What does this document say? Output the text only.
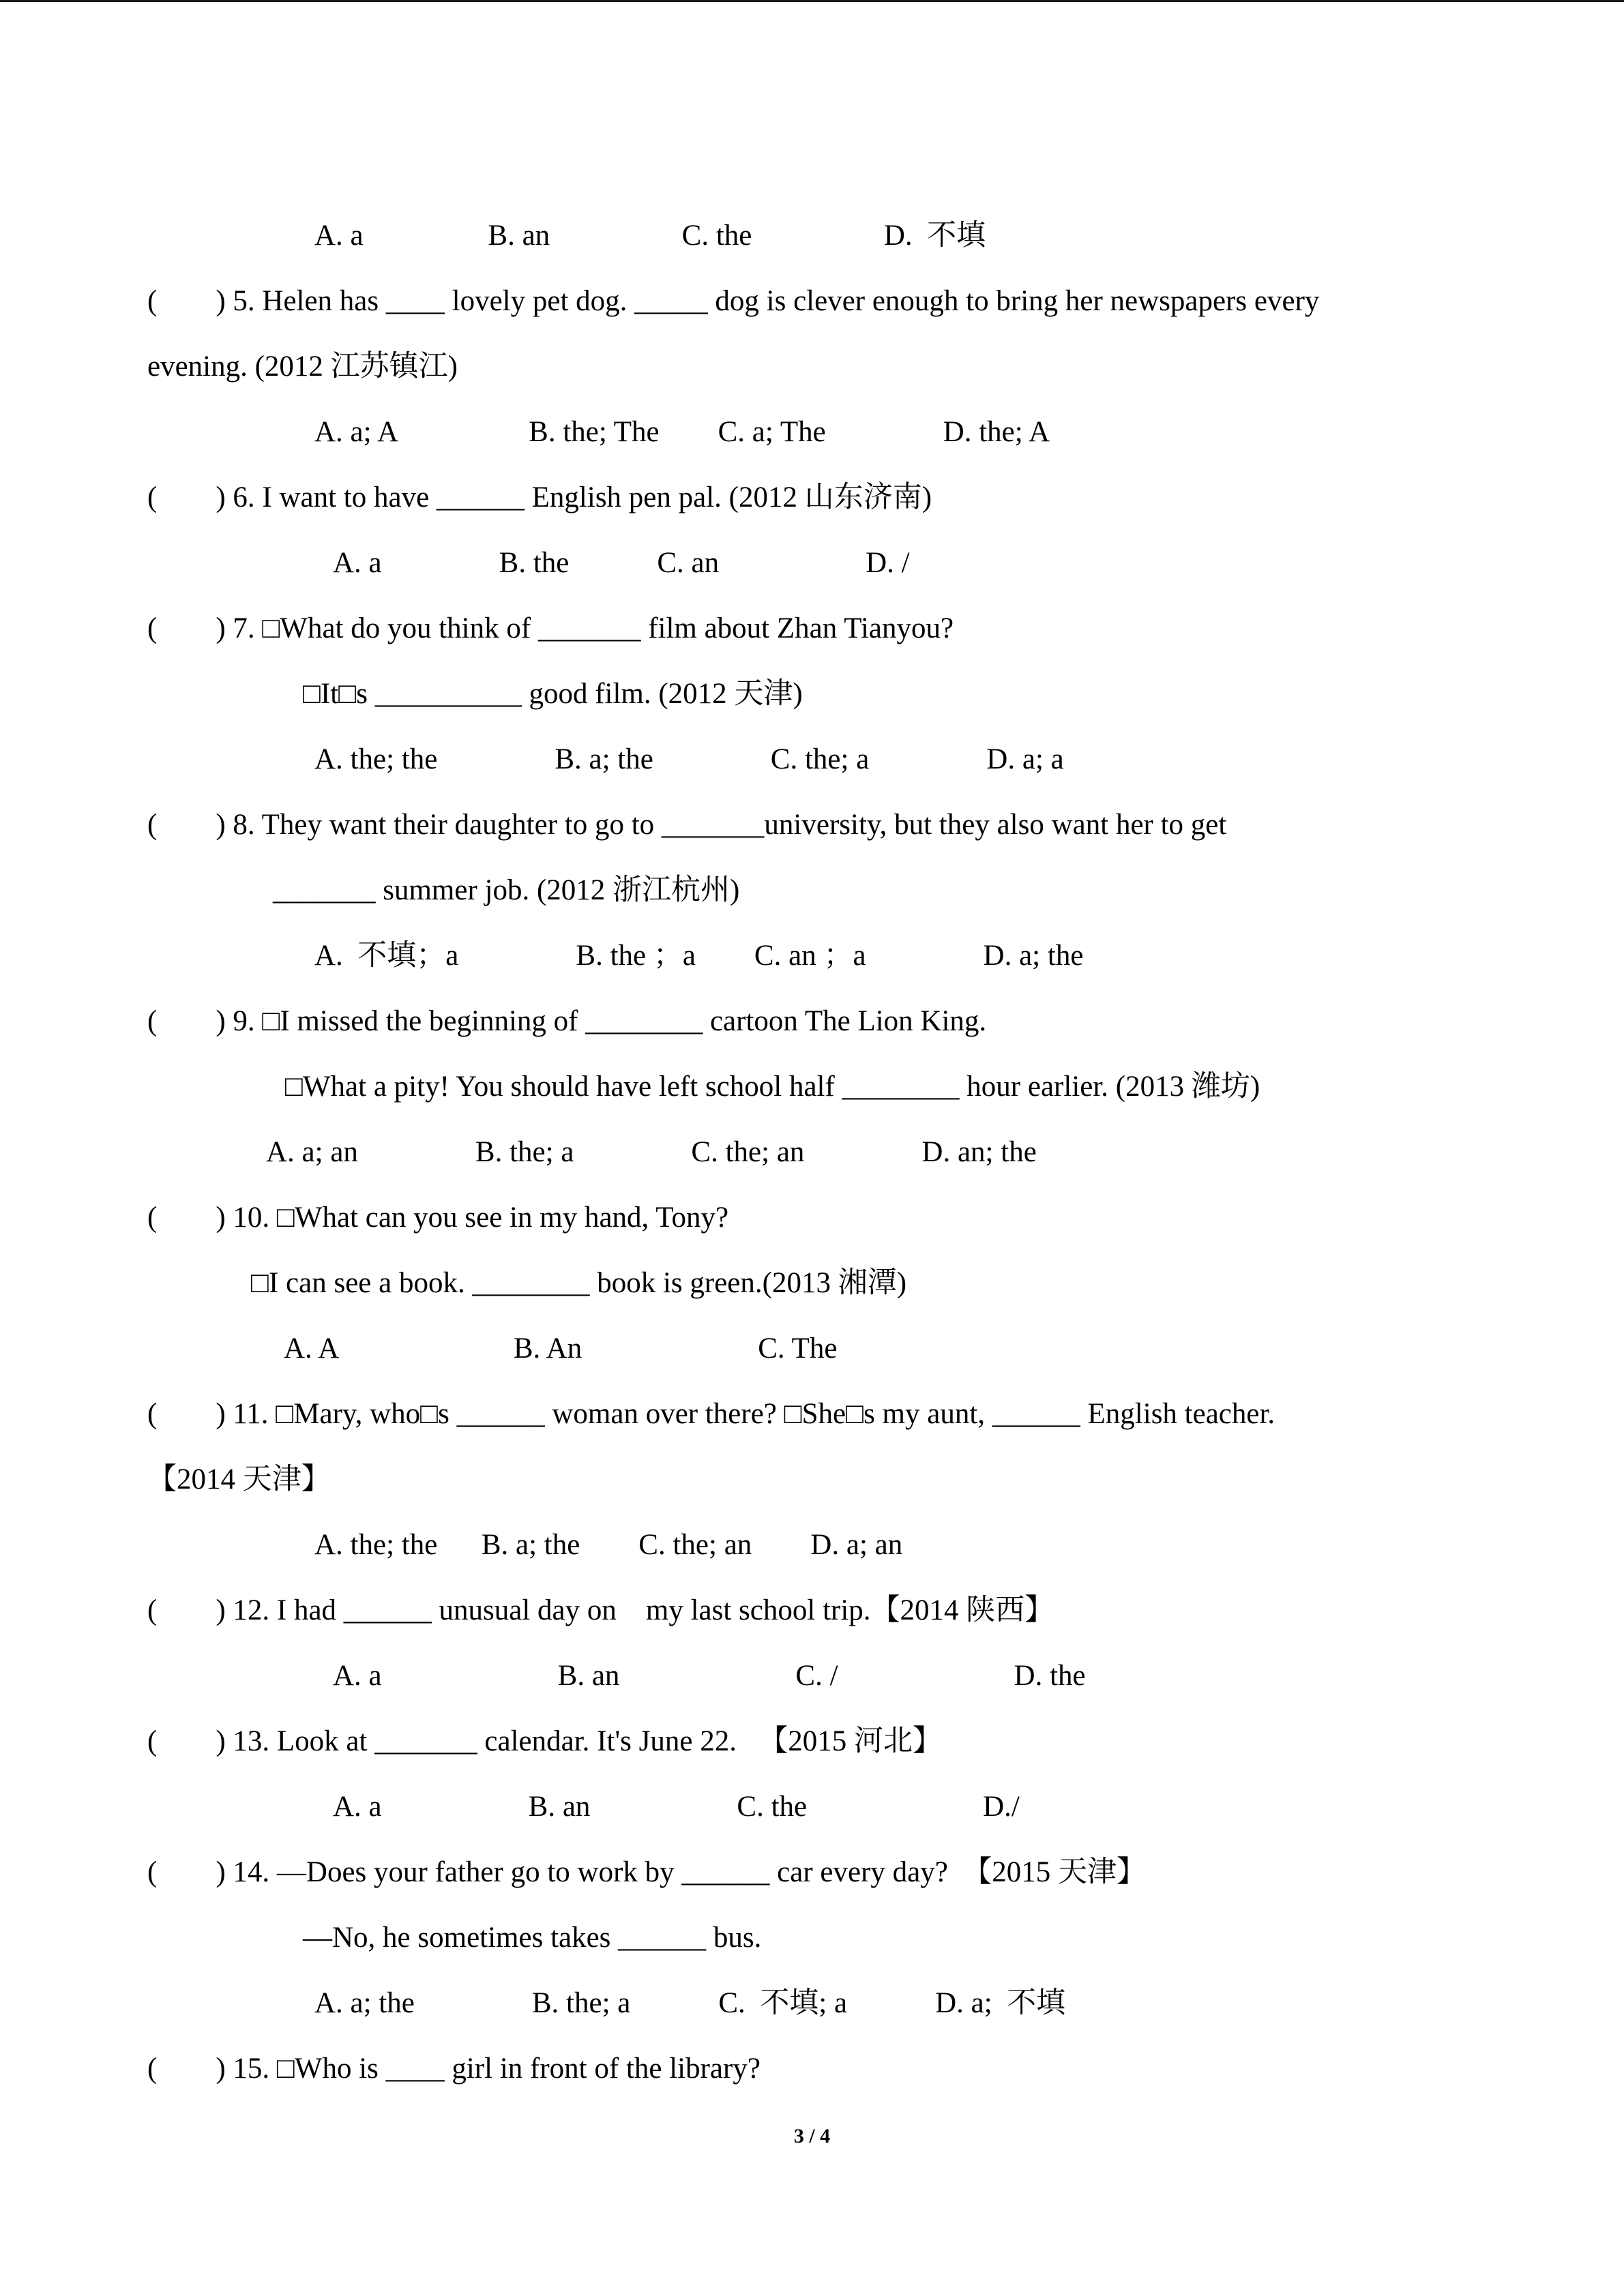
A. a                 B. an                  C. the                  D.  不填
(        ) 5. Helen has ____ lovely pet dog. _____ dog is clever enough to bring her newspapers every
evening. (2012 江苏镇江)
A. a; A                  B. the; The        C. a; The                D. the; A
(        ) 6. I want to have ______ English pen pal. (2012 山东济南)
A. a                B. the            C. an                    D. /
(        ) 7. □What do you think of _______ film about Zhan Tianyou?
□It□s __________ good film. (2012 天津)
A. the; the                B. a; the                C. the; a                D. a; a
(        ) 8. They want their daughter to go to _______university, but they also want her to get
_______ summer job. (2012 浙江杭州)
A.  不填；a                B. the ；a        C. an ；a                D. a; the
(        ) 9. □I missed the beginning of ________ cartoon The Lion King.
□What a pity! You should have left school half ________ hour earlier. (2013 潍坊)
A. a; an                B. the; a                C. the; an                D. an; the
(        ) 10. □What can you see in my hand, Tony?
□I can see a book. ________ book is green.(2013 湘潭)
A. A                        B. An                        C. The
(        ) 11. □Mary, who□s ______ woman over there? □She□s my aunt, ______ English teacher.
【2014 天津】
A. the; the      B. a; the        C. the; an        D. a; an
(        ) 12. I had ______ unusual day on    my last school trip.【2014 陕西】
A. a                        B. an                        C. /                        D. the
(        ) 13. Look at _______ calendar. It's June 22.   【2015 河北】
A. a                    B. an                    C. the                        D./
(        ) 14. —Does your father go to work by ______ car every day?  【2015 天津】
—No, he sometimes takes ______ bus.
A. a; the                B. the; a            C.  不填; a            D. a;  不填
(        ) 15. □Who is ____ girl in front of the library?
3 / 4
